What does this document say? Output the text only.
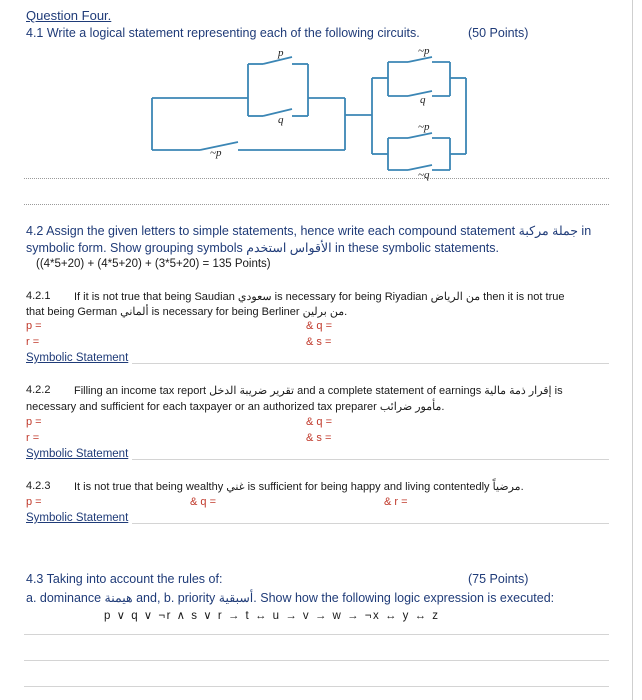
Question Four.
4.1 Write a logical statement representing each of the following circuits.	(50 Points)
p
q
~p
~p
q
~p
~q
4.2 Assign the given letters to simple statements, hence write each compound statement جملة مركبة in
symbolic form. Show grouping symbols الأقواس استخدم in these symbolic statements.
((4*5+20) + (4*5+20) + (3*5+20) = 135 Points)
4.2.1 If it is not true that being Saudian سعودي is necessary for being Riyadian من الرياض then it is not true
that being German ألماني is necessary for being Berliner من برلين.
p =	& q =
r =	& s =
Symbolic Statement
4.2.2 Filling an income tax report تقرير ضريبة الدخل and a complete statement of earnings إقرار ذمة مالية is
necessary and sufficient for each taxpayer or an authorized tax preparer مأمور ضرائب.
p =	& q =
r =	& s =
Symbolic Statement
4.2.3 It is not true that being wealthy غني is sufficient for being happy and living contentedly مرضياً.
p =	& q =	& r =
Symbolic Statement
4.3 Taking into account the rules of:	(75 Points)
a. dominance هيمنة and, b. priority أسبقية. Show how the following logic expression is executed:
p ∨ q ∨ ¬r ∧ s ∨ r → t ↔ u → v → w → ¬x ↔ y ↔ z
